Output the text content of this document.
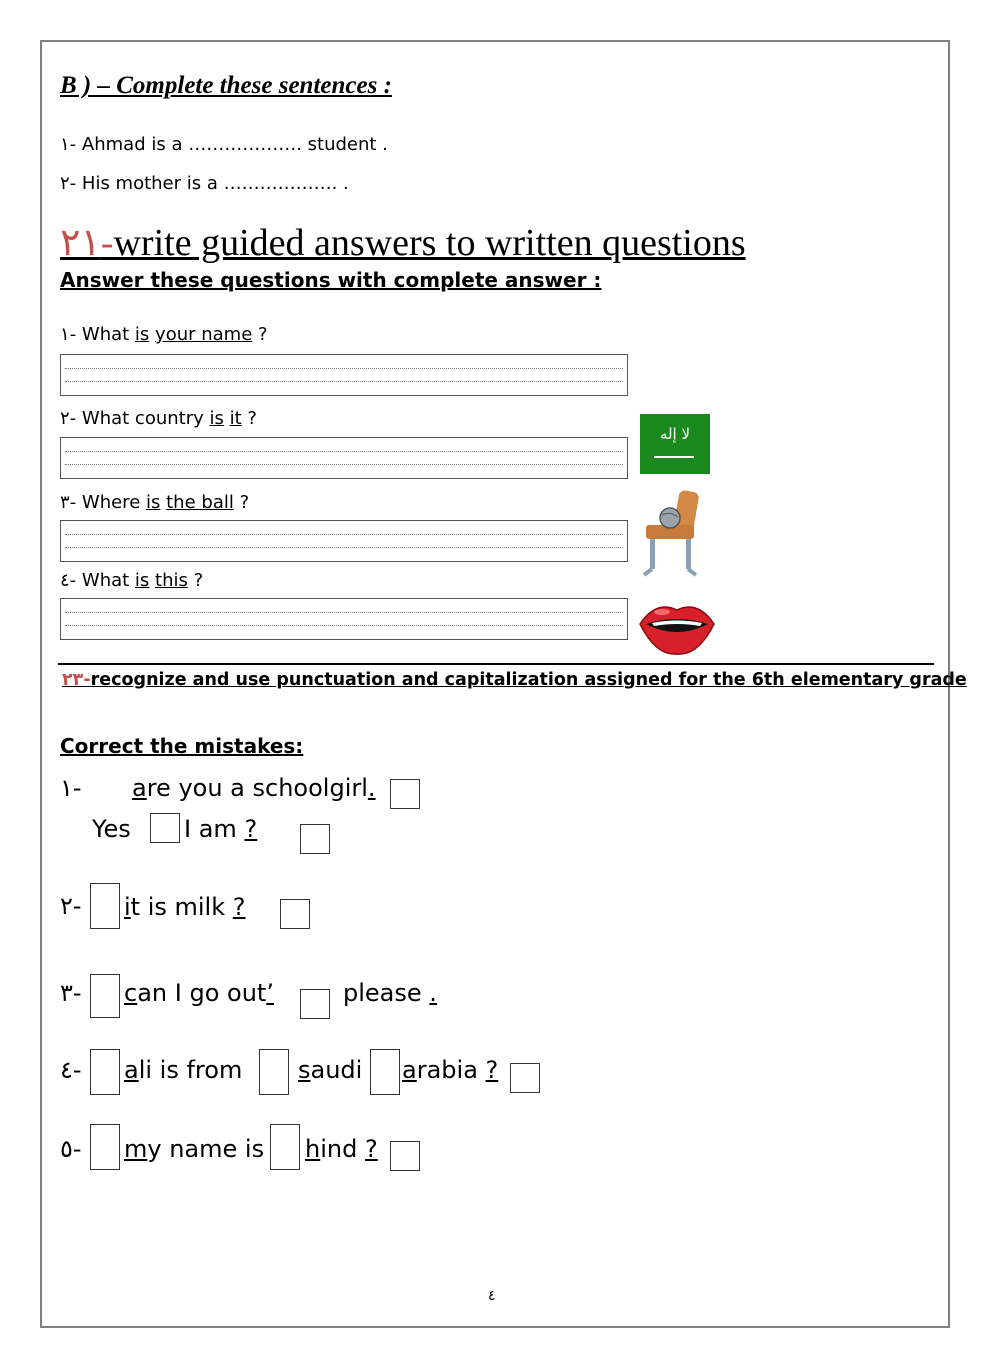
B ) – Complete these sentences :
١- Ahmad is a ………………. student .
٢- His mother is a ………………. .
٢١-write guided answers to written questions
Answer these questions with complete answer :
١- What is your name ?
٢- What country is it ?
٣- Where is the ball ?
٤- What is this ?
ﻻ ﺇﻟﻪ
٢٣-recognize and use punctuation and capitalization assigned for the 6th elementary grade
Correct the mistakes:
١- are you a schoolgirl.
Yes I am ?
٢- it is milk ?
٣- can I go out’	please .
٤- ali is from saudi arabia ?
٥- my name is hind ?
٤
